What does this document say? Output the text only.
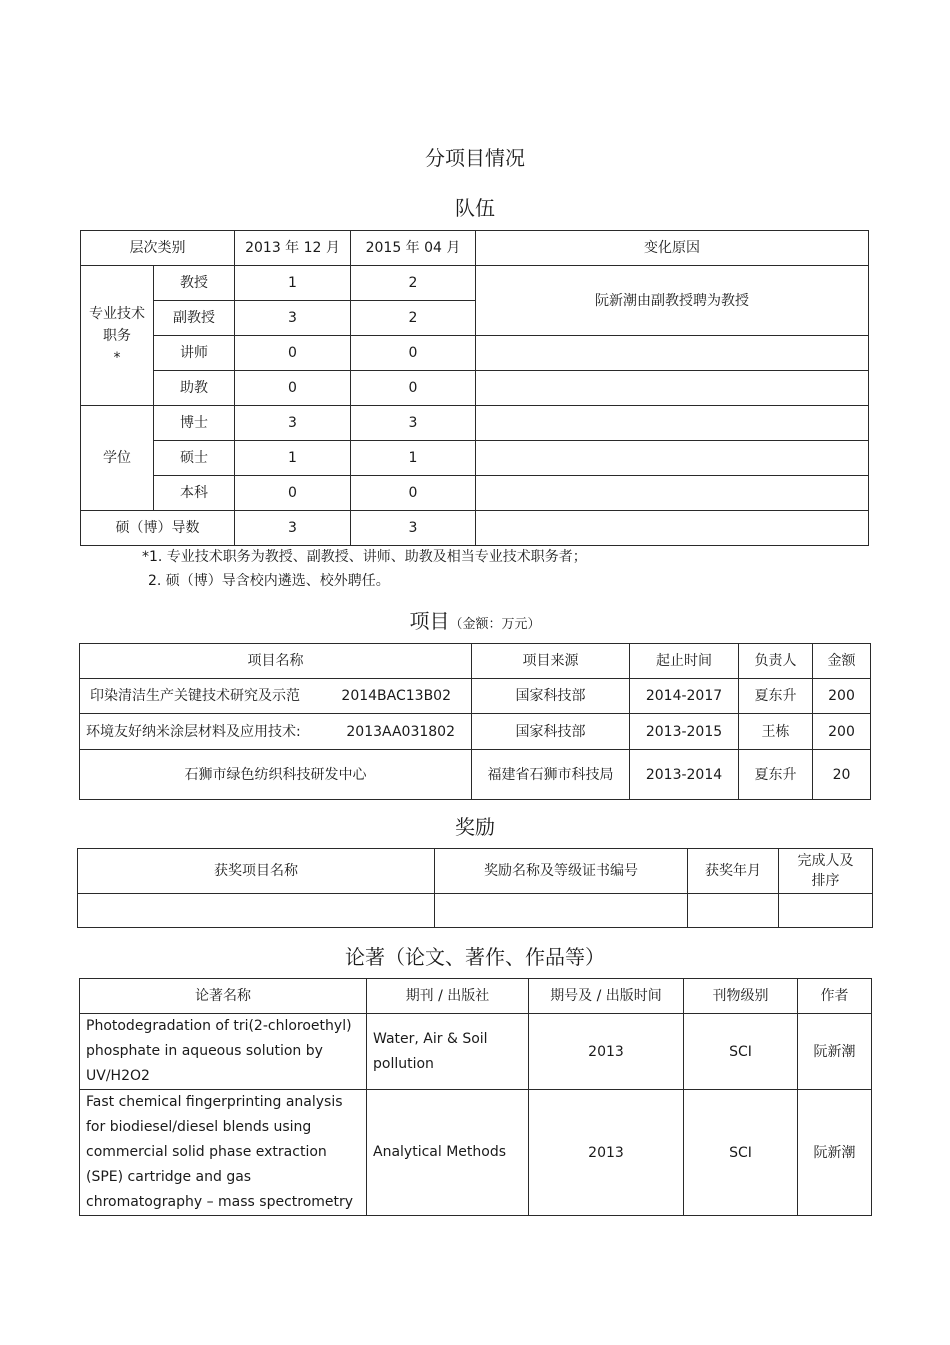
分项目情况
队伍
层次类别		2013 年 12 月	2015 年 04 月	变化原因

专业技术职务
*	教授	1	2	阮新潮由副教授聘为教授
	副教授	3	2	
	讲师	0	0	
	助教	0	0	
学位	博士	3	3	
	硕士	1	1	
	本科	0	0	
硕（博）导数		3	3	
*1. 专业技术职务为教授、副教授、讲师、助教及相当专业技术职务者；
2. 硕（博）导含校内遴选、校外聘任。
项目（金额：万元）
项目名称	项目来源	起止时间	负责人	金额

印染清洁生产关键技术研究及示范 2014BAC13B02	国家科技部	2014-2017	夏东升	200

环境友好纳米涂层材料及应用技术: 2013AA031802	国家科技部	2013-2015	王栋	200
石狮市绿色纺织科技研发中心	福建省石狮市科技局	2013-2014	夏东升	20
奖励
获奖项目名称	奖励名称及等级证书编号	获奖年月	完成人及排序

论著（论文、著作、作品等）
论著名称	期刊 / 出版社	期号及 / 出版时间	刊物级别	作者

Photodegradation of tri(2-chloroethyl)
phosphate in aqueous solution by
UV/H2O2	Water, Air & Soil
pollution	2013	SCI	阮新潮

Fast chemical fingerprinting analysis
for biodiesel/diesel blends using
commercial solid phase extraction
(SPE) cartridge and gas
chromatography – mass spectrometry	Analytical Methods	2013	SCI	阮新潮
